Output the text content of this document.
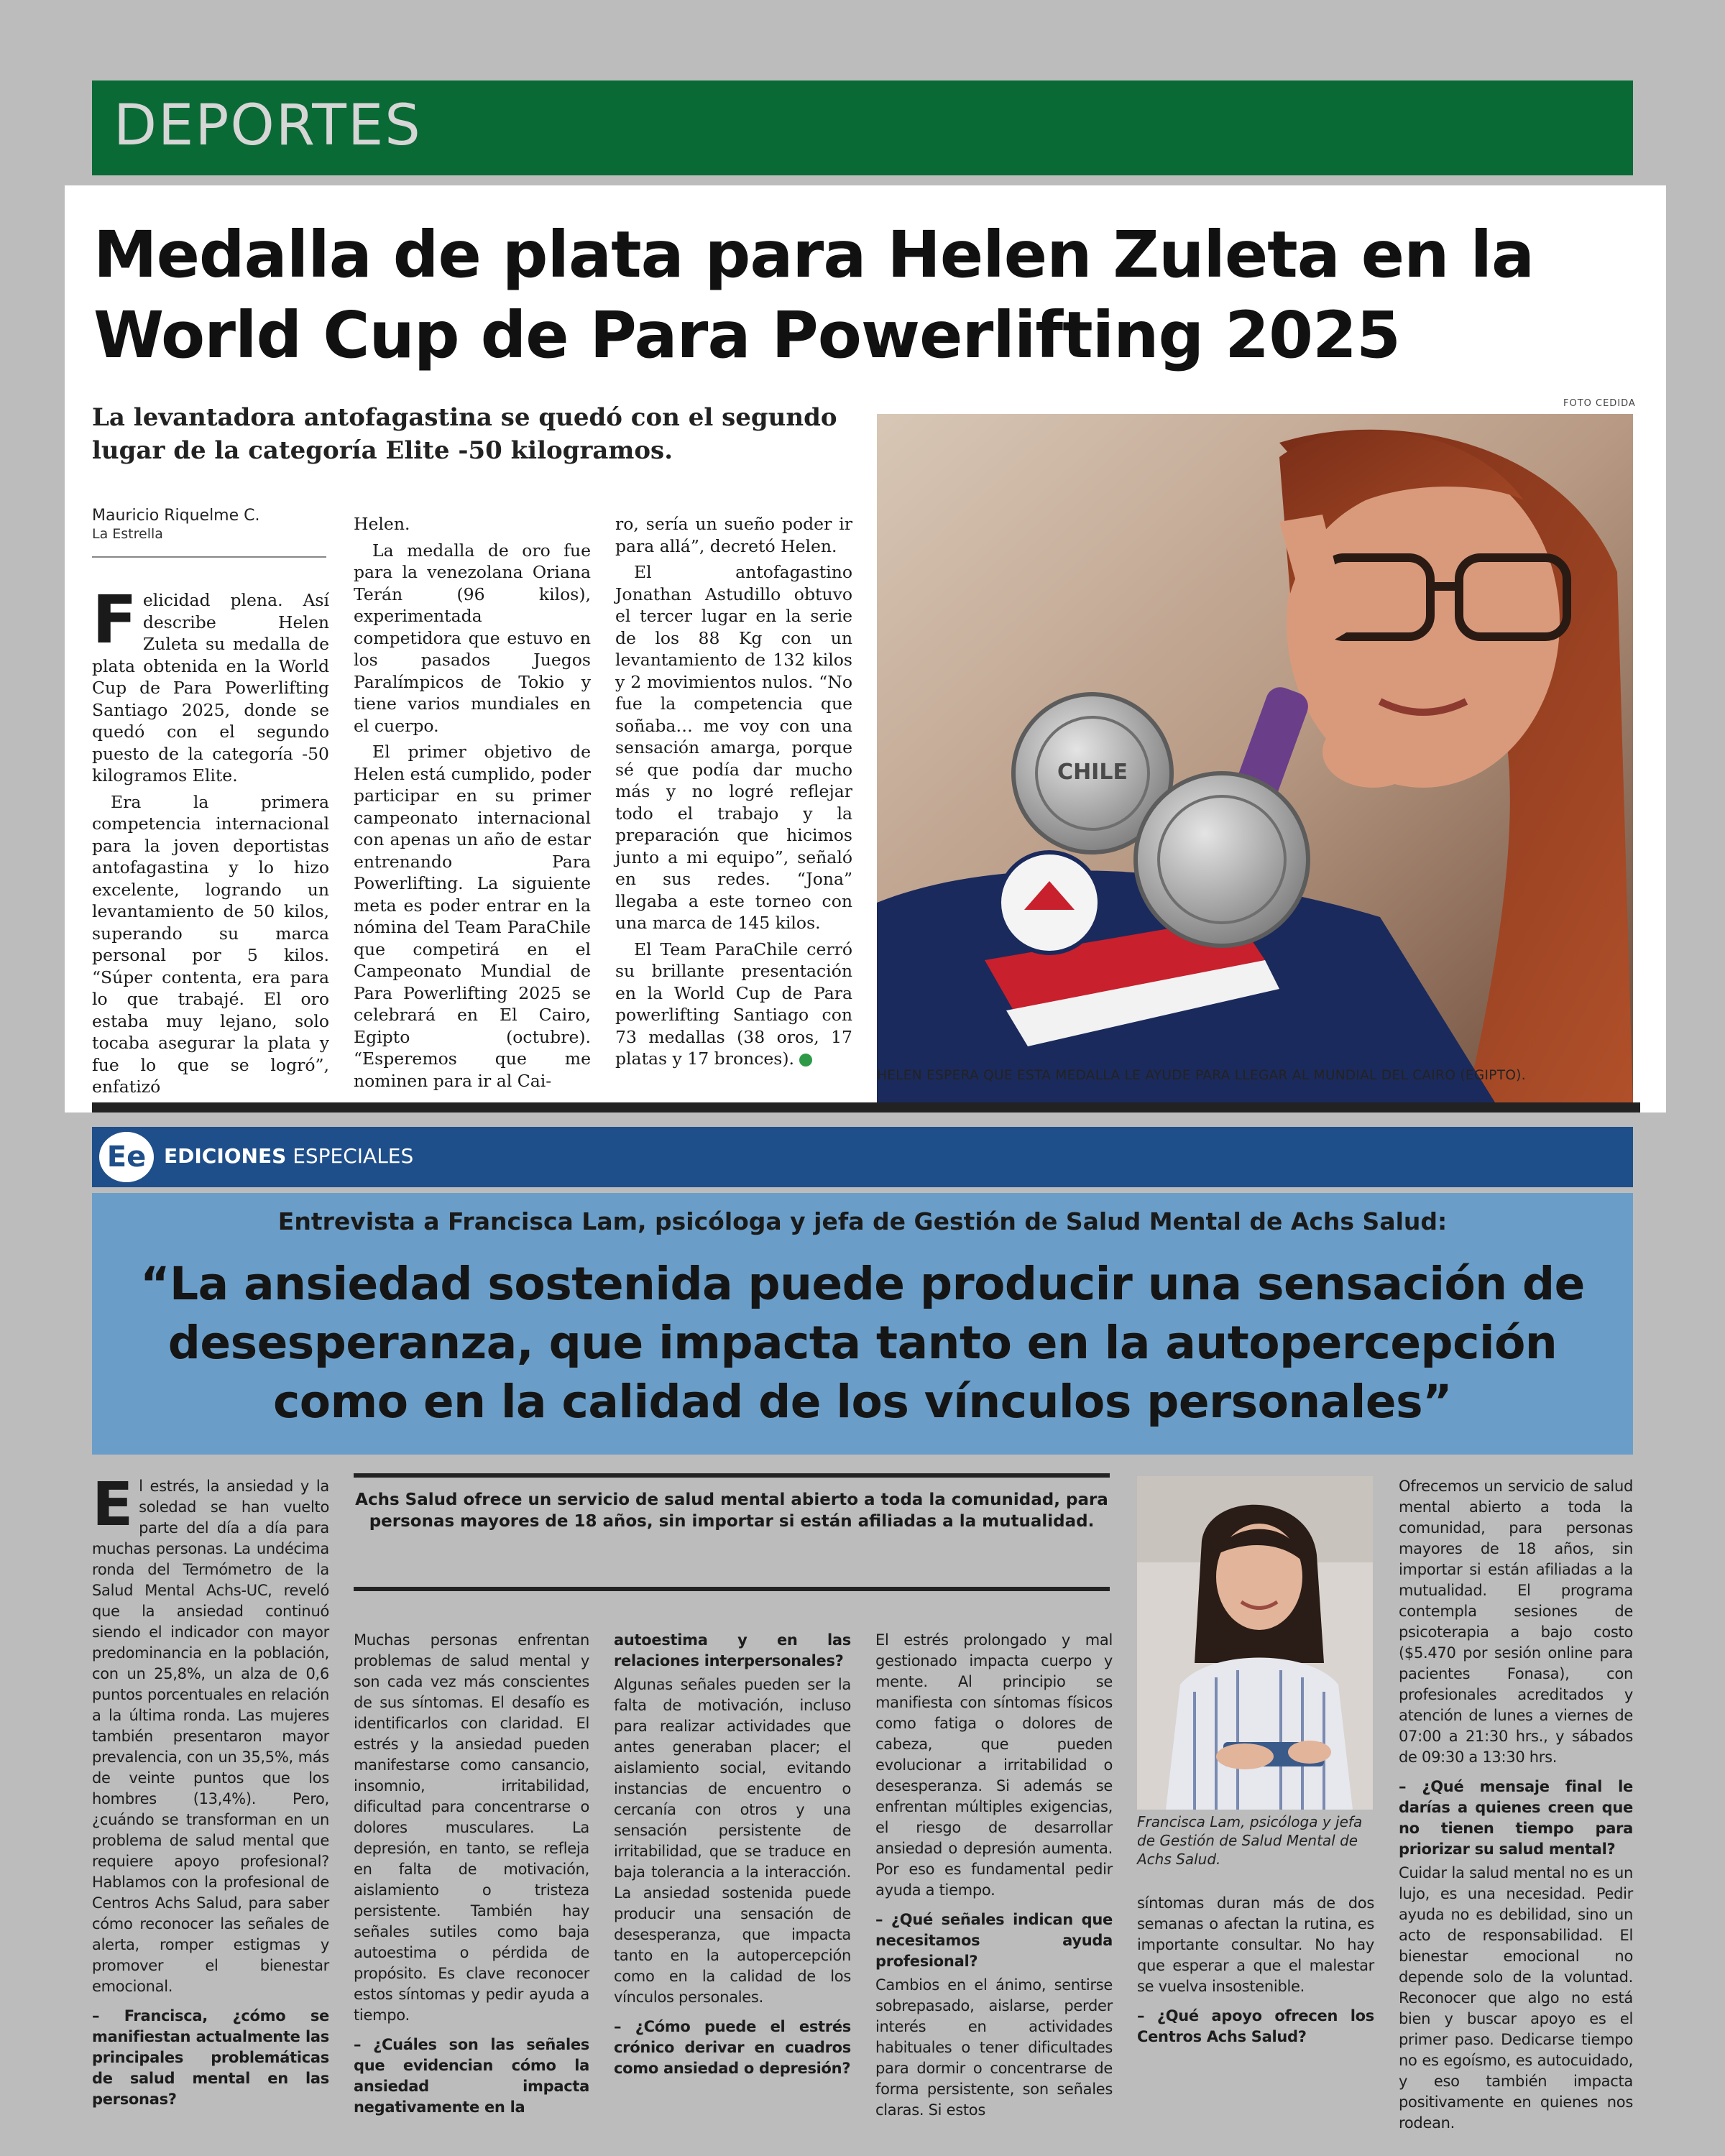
DEPORTES
Medalla de plata para Helen Zuleta en la World Cup de Para Powerlifting 2025
La levantadora antofagastina se quedó con el segundo lugar de la categoría Elite -50 kilogramos.
Mauricio Riquelme C.
La Estrella

Felicidad plena. Así describe Helen Zuleta su medalla de plata obtenida en la World Cup de Para Powerlifting Santiago 2025, donde se quedó con el segundo puesto de la categoría -50 kilogramos Elite.

Era la primera competencia internacional para la joven deportistas antofagastina y lo hizo excelente, logrando un levantamiento de 50 kilos, superando su marca personal por 5 kilos. “Súper contenta, era para lo que trabajé. El oro estaba muy lejano, solo tocaba asegurar la plata y fue lo que se logró”, enfatizó

Helen.

La medalla de oro fue para la venezolana Oriana Terán (96 kilos), experimentada competidora que estuvo en los pasados Juegos Paralímpicos de Tokio y tiene varios mundiales en el cuerpo.

El primer objetivo de Helen está cumplido, poder participar en su primer campeonato internacional con apenas un año de estar entrenando Para Powerlifting. La siguiente meta es poder entrar en la nómina del Team ParaChile que competirá en el Campeonato Mundial de Para Powerlifting 2025 se celebrará en El Cairo, Egipto (octubre). “Esperemos que me nominen para ir al Cai-

ro, sería un sueño poder ir para allá”, decretó Helen.

El antofagastino Jonathan Astudillo obtuvo el tercer lugar en la serie de los 88 Kg con un levantamiento de 132 kilos y 2 movimientos nulos. “No fue la competencia que soñaba… me voy con una sensación amarga, porque sé que podía dar mucho más y no logré reflejar todo el trabajo y la preparación que hicimos junto a mi equipo”, señaló en sus redes. “Jona” llegaba a este torneo con una marca de 145 kilos.

El Team ParaChile cerró su brillante presentación en la World Cup de Para powerlifting Santiago con 73 medallas (38 oros, 17 platas y 17 bronces). ✪

FOTO CEDIDA
CHILE
HELEN ESPERA QUE ESTA MEDALLA LE AYUDE PARA LLEGAR AL MUNDIAL DEL CAIRO (EGIPTO).
Ee EDICIONES ESPECIALES
Entrevista a Francisca Lam, psicóloga y jefa de Gestión de Salud Mental de Achs Salud:
“La ansiedad sostenida puede producir una sensación de desesperanza, que impacta tanto en la autopercepción como en la calidad de los vínculos personales”

El estrés, la ansiedad y la soledad se han vuelto parte del día a día para muchas personas. La undécima ronda del Termómetro de la Salud Mental Achs-UC, reveló que la ansiedad continuó siendo el indicador con mayor predominancia en la población, con un 25,8%, un alza de 0,6 puntos porcentuales en relación a la última ronda. Las mujeres también presentaron mayor prevalencia, con un 35,5%, más de veinte puntos que los hombres (13,4%). Pero, ¿cuándo se transforman en un problema de salud mental que requiere apoyo profesional? Hablamos con la profesional de Centros Achs Salud, para saber cómo reconocer las señales de alerta, romper estigmas y promover el bienestar emocional.

– Francisca, ¿cómo se manifiestan actualmente las principales problemáticas de salud mental en las personas?

Achs Salud ofrece un servicio de salud mental abierto a toda la comunidad, para personas mayores de 18 años, sin importar si están afiliadas a la mutualidad.

Muchas personas enfrentan problemas de salud mental y son cada vez más conscientes de sus síntomas. El desafío es identificarlos con claridad. El estrés y la ansiedad pueden manifestarse como cansancio, insomnio, irritabilidad, dificultad para concentrarse o dolores musculares. La depresión, en tanto, se refleja en falta de motivación, aislamiento o tristeza persistente. También hay señales sutiles como baja autoestima o pérdida de propósito. Es clave reconocer estos síntomas y pedir ayuda a tiempo.

– ¿Cuáles son las señales que evidencian cómo la ansiedad impacta negativamente en la

autoestima y en las relaciones interpersonales?

Algunas señales pueden ser la falta de motivación, incluso para realizar actividades que antes generaban placer; el aislamiento social, evitando instancias de encuentro o cercanía con otros y una sensación persistente de irritabilidad, que se traduce en baja tolerancia a la interacción. La ansiedad sostenida puede producir una sensación de desesperanza, que impacta tanto en la autopercepción como en la calidad de los vínculos personales.

– ¿Cómo puede el estrés crónico derivar en cuadros como ansiedad o depresión?

El estrés prolongado y mal gestionado impacta cuerpo y mente. Al principio se manifiesta con síntomas físicos como fatiga o dolores de cabeza, que pueden evolucionar a irritabilidad o desesperanza. Si además se enfrentan múltiples exigencias, el riesgo de desarrollar ansiedad o depresión aumenta. Por eso es fundamental pedir ayuda a tiempo.

– ¿Qué señales indican que necesitamos ayuda profesional?

Cambios en el ánimo, sentirse sobrepasado, aislarse, perder interés en actividades habituales o tener dificultades para dormir o concentrarse de forma persistente, son señales claras. Si estos

Francisca Lam, psicóloga y jefa de Gestión de Salud Mental de Achs Salud.

síntomas duran más de dos semanas o afectan la rutina, es importante consultar. No hay que esperar a que el malestar se vuelva insostenible.

– ¿Qué apoyo ofrecen los Centros Achs Salud?

Ofrecemos un servicio de salud mental abierto a toda la comunidad, para personas mayores de 18 años, sin importar si están afiliadas a la mutualidad. El programa contempla sesiones de psicoterapia a bajo costo ($5.470 por sesión online para pacientes Fonasa), con profesionales acreditados y atención de lunes a viernes de 07:00 a 21:30 hrs., y sábados de 09:30 a 13:30 hrs.

– ¿Qué mensaje final le darías a quienes creen que no tienen tiempo para priorizar su salud mental?

Cuidar la salud mental no es un lujo, es una necesidad. Pedir ayuda no es debilidad, sino un acto de responsabilidad. El bienestar emocional no depende solo de la voluntad. Reconocer que algo no está bien y buscar apoyo es el primer paso. Dedicarse tiempo no es egoísmo, es autocuidado, y eso también impacta positivamente en quienes nos rodean.
